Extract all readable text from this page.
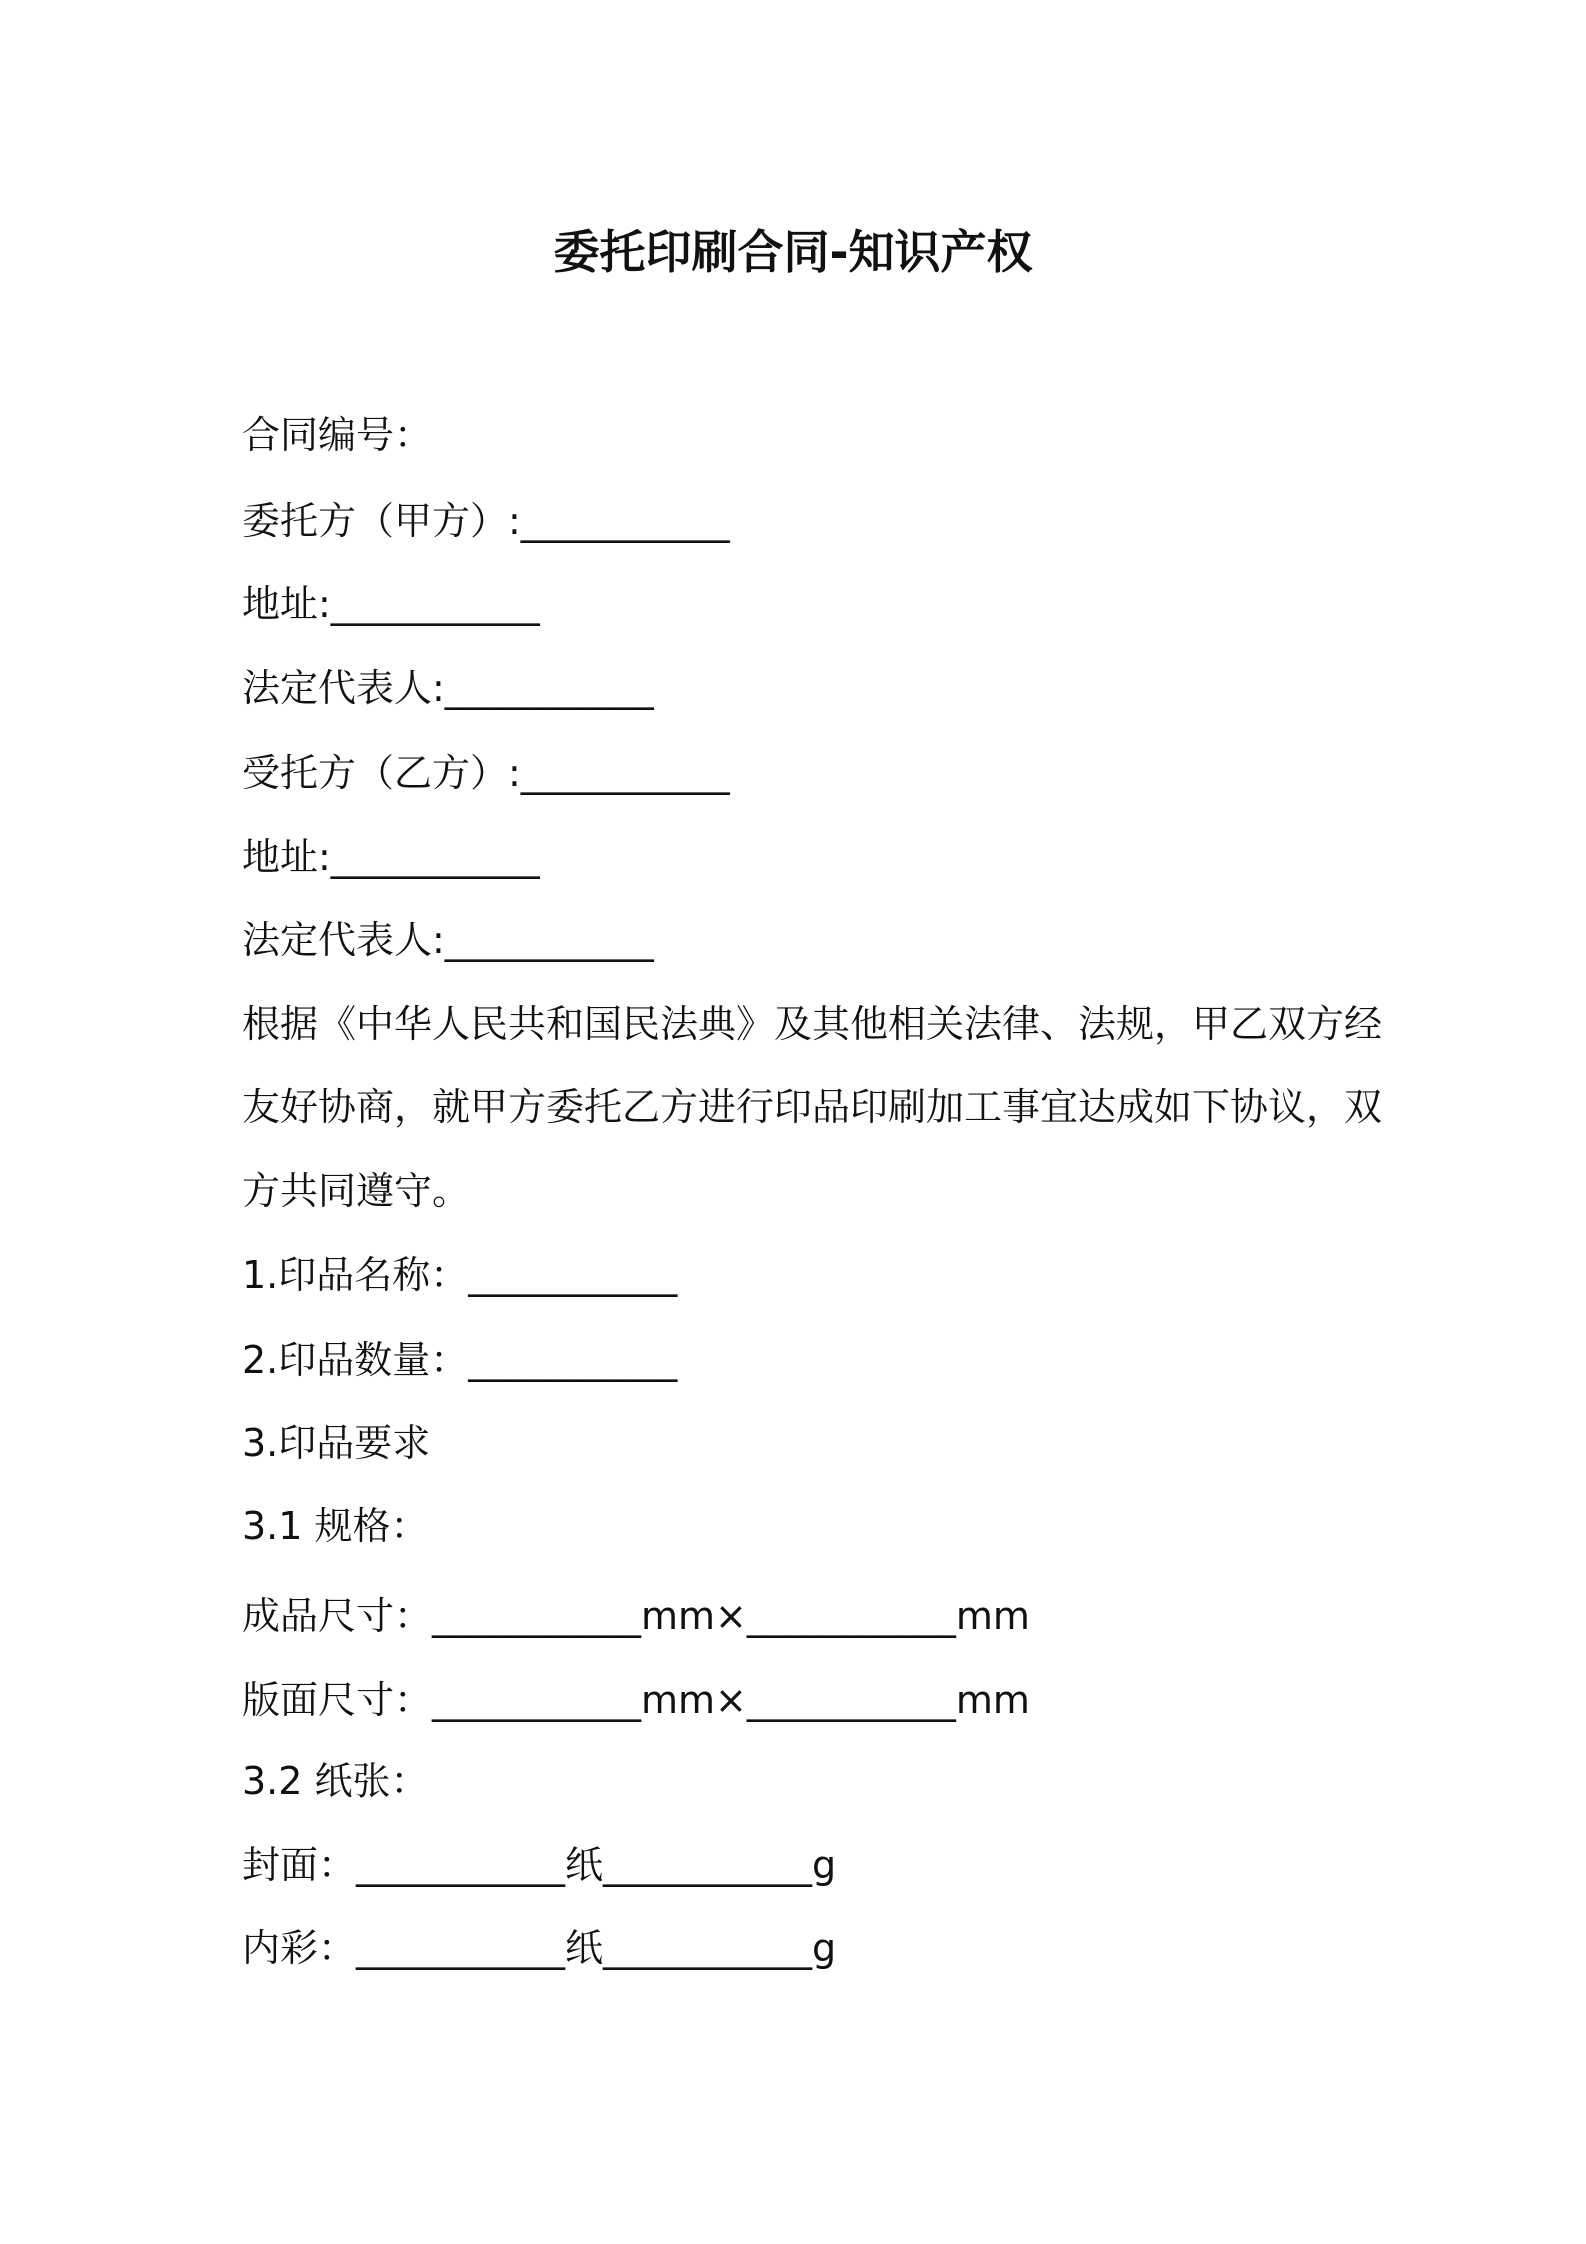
委托印刷合同-知识产权
合同编号：
委托方（甲方）:___________
地址:___________
法定代表人:___________
受托方（乙方）:___________
地址:___________
法定代表人:___________
根据《中华人民共和国民法典》及其他相关法律、法规，甲乙双方经
友好协商，就甲方委托乙方进行印品印刷加工事宜达成如下协议，双
方共同遵守。
1.印品名称：___________
2.印品数量：___________
3.印品要求
3.1 规格：
成品尺寸：___________mm×___________mm
版面尺寸：___________mm×___________mm
3.2 纸张：
封面：___________纸___________g
内彩：___________纸___________g
